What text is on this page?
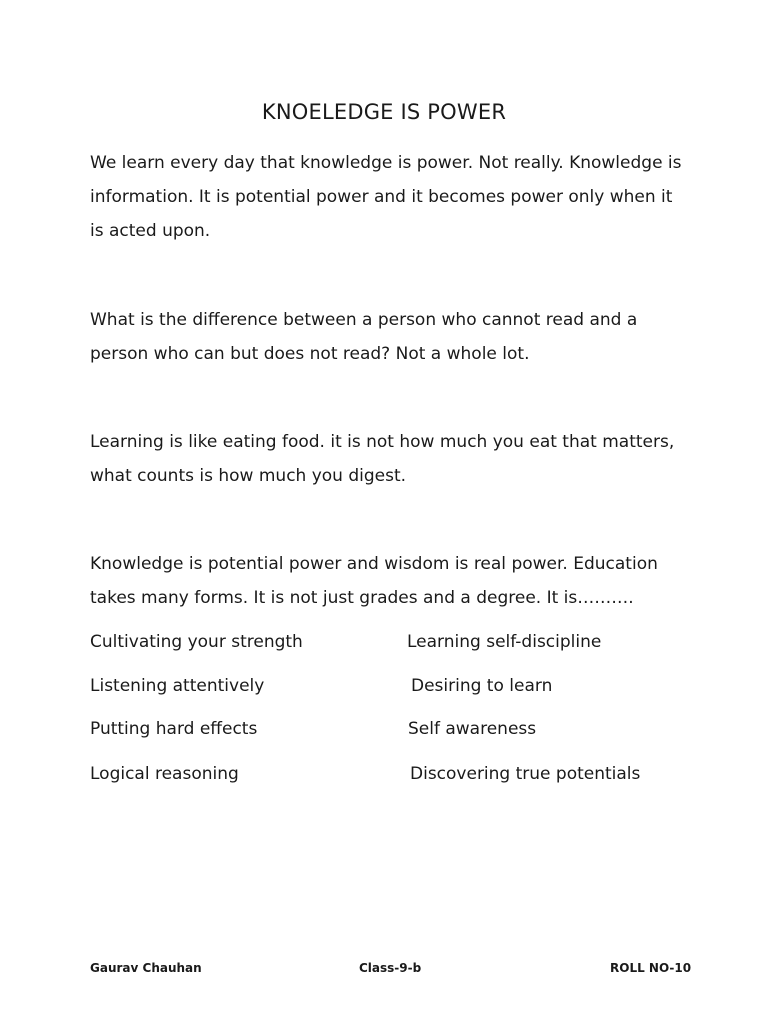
KNOELEDGE IS POWER

We learn every day that knowledge is power. Not really. Knowledge is information. It is potential power and it becomes power only when it is acted upon.

What is the difference between a person who cannot read and a person who can but does not read? Not a whole lot.

Learning is like eating food. it is not how much you eat that matters, what counts is how much you digest.

Knowledge is potential power and wisdom is real power. Education takes many forms. It is not just grades and a degree. It is……….

Cultivating your strength	Learning self-discipline
Listening attentively	Desiring to learn
Putting hard effects	Self awareness
Logical reasoning	Discovering true potentials
Gaurav Chauhan	Class-9-b	ROLL NO-10
